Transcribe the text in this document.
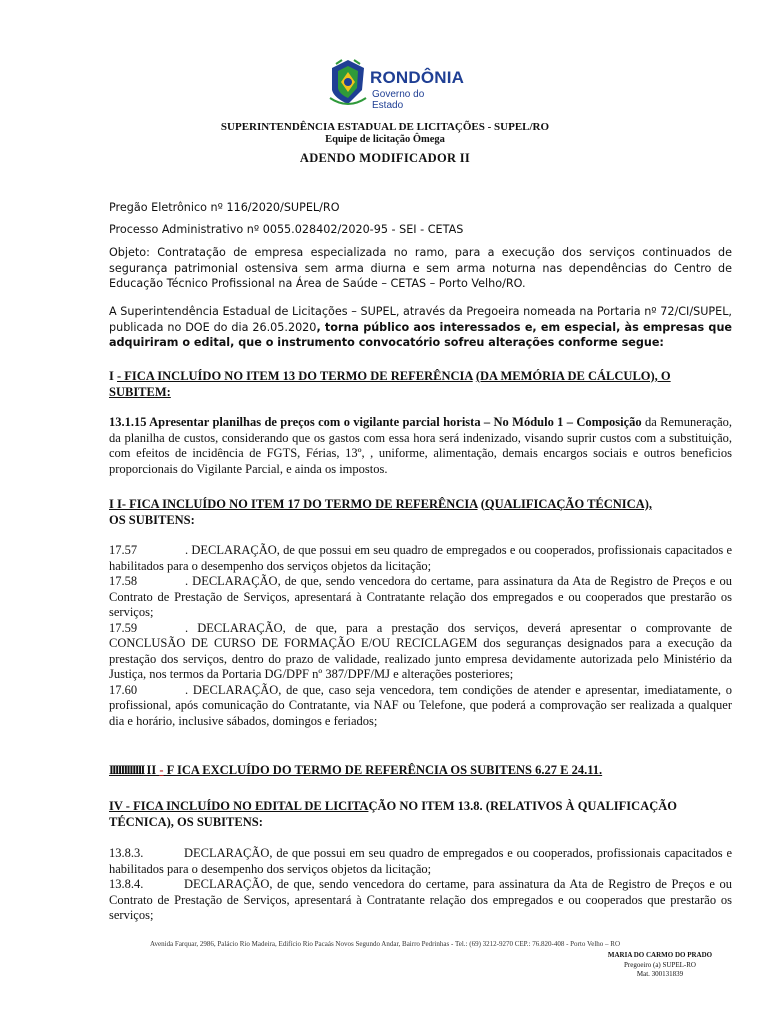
RONDÔNIA
Governo do Estado
SUPERINTENDÊNCIA ESTADUAL DE LICITAÇÕES - SUPEL/RO
Equipe de licitação Ômega
ADENDO MODIFICADOR II
Pregão Eletrônico nº 116/2020/SUPEL/RO
Processo Administrativo nº 0055.028402/2020-95 - SEI - CETAS
Objeto: Contratação de empresa especializada no ramo, para a execução dos serviços continuados de segurança patrimonial ostensiva sem arma diurna e sem arma noturna nas dependências do Centro de Educação Técnico Profissional na Área de Saúde – CETAS – Porto Velho/RO.
A Superintendência Estadual de Licitações – SUPEL, através da Pregoeira nomeada na Portaria nº 72/CI/SUPEL, publicada no DOE do dia 26.05.2020, torna público aos interessados e, em especial, às empresas que adquiriram o edital, que o instrumento convocatório sofreu alterações conforme segue:
I - FICA INCLUÍDO NO ITEM 13 DO TERMO DE REFERÊNCIA (DA MEMÓRIA DE CÁLCULO), O SUBITEM:
13.1.15 Apresentar planilhas de preços com o vigilante parcial horista – No Módulo 1 – Composição da Remuneração, da planilha de custos, considerando que os gastos com essa hora será indenizado, visando suprir custos com a substituição, com efeitos de incidência de FGTS, Férias, 13º, , uniforme, alimentação, demais encargos sociais e outros beneficios proporcionais do Vigilante Parcial, e ainda os impostos.
I I- FICA INCLUÍDO NO ITEM 17 DO TERMO DE REFERÊNCIA (QUALIFICAÇÃO TÉCNICA),
OS SUBITENS:
17.57	. DECLARAÇÃO, de que possui em seu quadro de empregados e ou cooperados, profissionais capacitados e habilitados para o desempenho dos serviços objetos da licitação;
17.58	. DECLARAÇÃO, de que, sendo vencedora do certame, para assinatura da Ata de Registro de Preços e ou Contrato de Prestação de Serviços, apresentará à Contratante relação dos empregados e ou cooperados que prestarão os serviços;
17.59	. DECLARAÇÃO, de que, para a prestação dos serviços, deverá apresentar o comprovante de CONCLUSÃO DE CURSO DE FORMAÇÃO E/OU RECICLAGEM dos seguranças designados para a execução da prestação dos serviços, dentro do prazo de validade, realizado junto empresa devidamente autorizada pelo Ministério da Justiça, nos termos da Portaria DG/DPF nº 387/DPF/MJ e alterações posteriores;
17.60	. DECLARAÇÃO, de que, caso seja vencedora, tem condições de atender e apresentar, imediatamente, o profissional, após comunicação do Contratante, via NAF ou Telefone, que poderá a comprovação ser realizada a qualquer dia e horário, inclusive sábados, domingos e feriados;
IIIIIIIIIIII II - F ICA EXCLUÍDO DO TERMO DE REFERÊNCIA OS SUBITENS 6.27 E 24.11.
IV - FICA INCLUÍDO NO EDITAL DE LICITAÇÃO NO ITEM 13.8. (RELATIVOS À QUALIFICAÇÃO TÉCNICA), OS SUBITENS:
13.8.3.	DECLARAÇÃO, de que possui em seu quadro de empregados e ou cooperados, profissionais capacitados e habilitados para o desempenho dos serviços objetos da licitação;
13.8.4.	DECLARAÇÃO, de que, sendo vencedora do certame, para assinatura da Ata de Registro de Preços e ou Contrato de Prestação de Serviços, apresentará à Contratante relação dos empregados e ou cooperados que prestarão os serviços;
Avenida Farquar, 2986, Palácio Rio Madeira, Edifício Rio Pacaás Novos Segundo Andar, Bairro Pedrinhas - Tel.: (69) 3212-9270 CEP.: 76.820-408 - Porto Velho – RO
MARIA DO CARMO DO PRADO
Pregoeiro (a) SUPEL-RO
Mat. 300131839
